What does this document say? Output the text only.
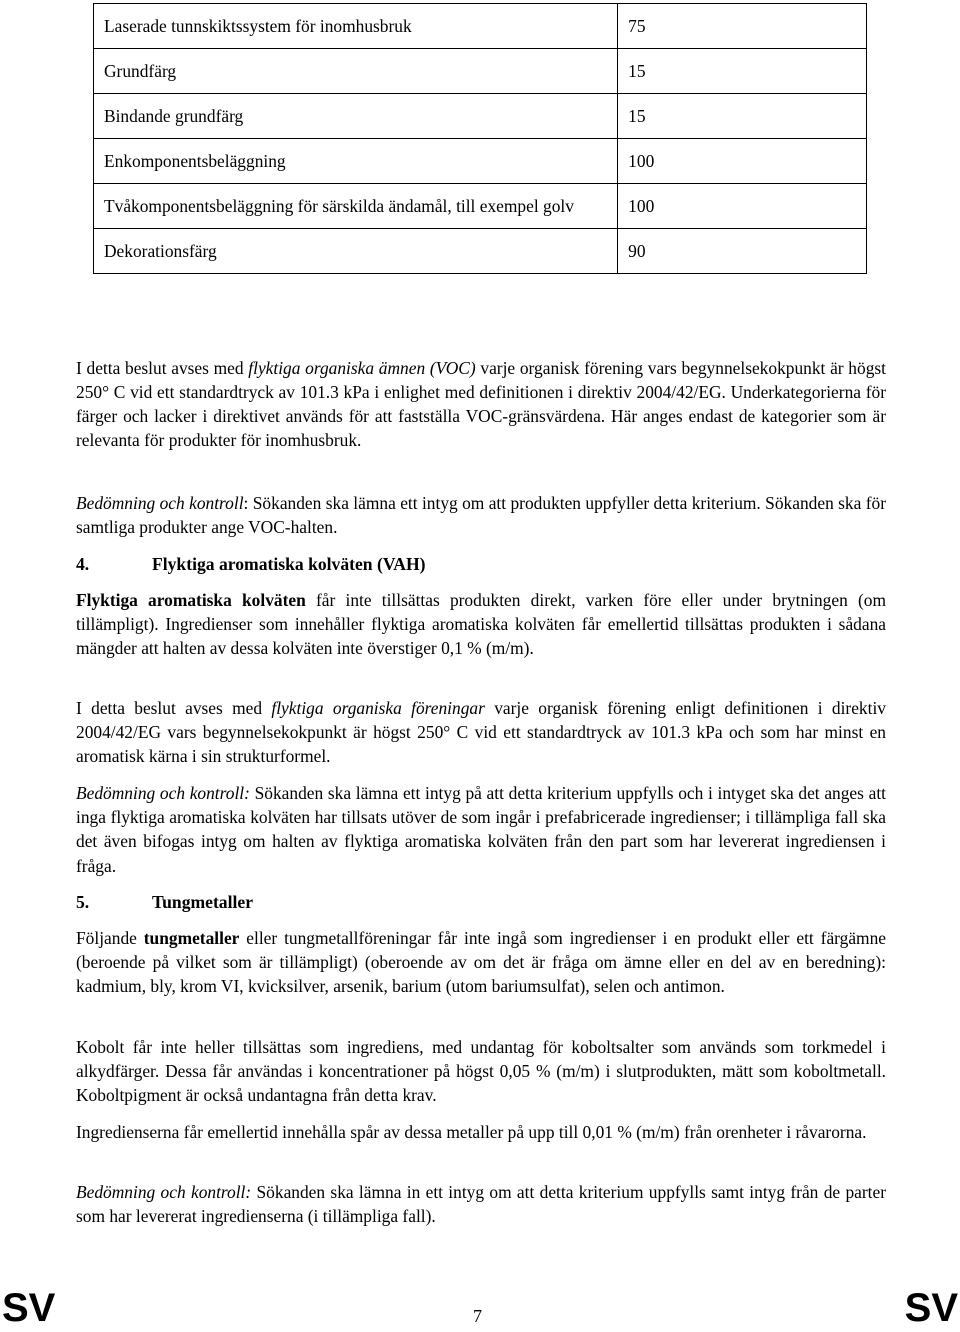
Laserade tunnskiktssystem för inomhusbruk	75
Grundfärg	15
Bindande grundfärg	15
Enkomponentsbeläggning	100
Tvåkomponentsbeläggning för särskilda ändamål, till exempel golv	100
Dekorationsfärg	90
I detta beslut avses med flyktiga organiska ämnen (VOC) varje organisk förening vars begynnelsekokpunkt är högst 250° C vid ett standardtryck av 101.3 kPa i enlighet med definitionen i direktiv 2004/42/EG. Underkategorierna för färger och lacker i direktivet används för att fastställa VOC-gränsvärdena. Här anges endast de kategorier som är relevanta för produkter för inomhusbruk.
Bedömning och kontroll: Sökanden ska lämna ett intyg om att produkten uppfyller detta kriterium. Sökanden ska för samtliga produkter ange VOC-halten.
4.	Flyktiga aromatiska kolväten (VAH)
Flyktiga aromatiska kolväten får inte tillsättas produkten direkt, varken före eller under brytningen (om tillämpligt). Ingredienser som innehåller flyktiga aromatiska kolväten får emellertid tillsättas produkten i sådana mängder att halten av dessa kolväten inte överstiger 0,1 % (m/m).
I detta beslut avses med flyktiga organiska föreningar varje organisk förening enligt definitionen i direktiv 2004/42/EG vars begynnelsekokpunkt är högst 250° C vid ett standardtryck av 101.3 kPa och som har minst en aromatisk kärna i sin strukturformel.
Bedömning och kontroll: Sökanden ska lämna ett intyg på att detta kriterium uppfylls och i intyget ska det anges att inga flyktiga aromatiska kolväten har tillsats utöver de som ingår i prefabricerade ingredienser; i tillämpliga fall ska det även bifogas intyg om halten av flyktiga aromatiska kolväten från den part som har levererat ingrediensen i fråga.
5.	Tungmetaller
Följande tungmetaller eller tungmetallföreningar får inte ingå som ingredienser i en produkt eller ett färgämne (beroende på vilket som är tillämpligt) (oberoende av om det är fråga om ämne eller en del av en beredning): kadmium, bly, krom VI, kvicksilver, arsenik, barium (utom bariumsulfat), selen och antimon.
Kobolt får inte heller tillsättas som ingrediens, med undantag för koboltsalter som används som torkmedel i alkydfärger. Dessa får användas i koncentrationer på högst 0,05 % (m/m) i slutprodukten, mätt som koboltmetall. Koboltpigment är också undantagna från detta krav.
Ingredienserna får emellertid innehålla spår av dessa metaller på upp till 0,01 % (m/m) från orenheter i råvarorna.
Bedömning och kontroll: Sökanden ska lämna in ett intyg om att detta kriterium uppfylls samt intyg från de parter som har levererat ingredienserna (i tillämpliga fall).
SV	7	SV
